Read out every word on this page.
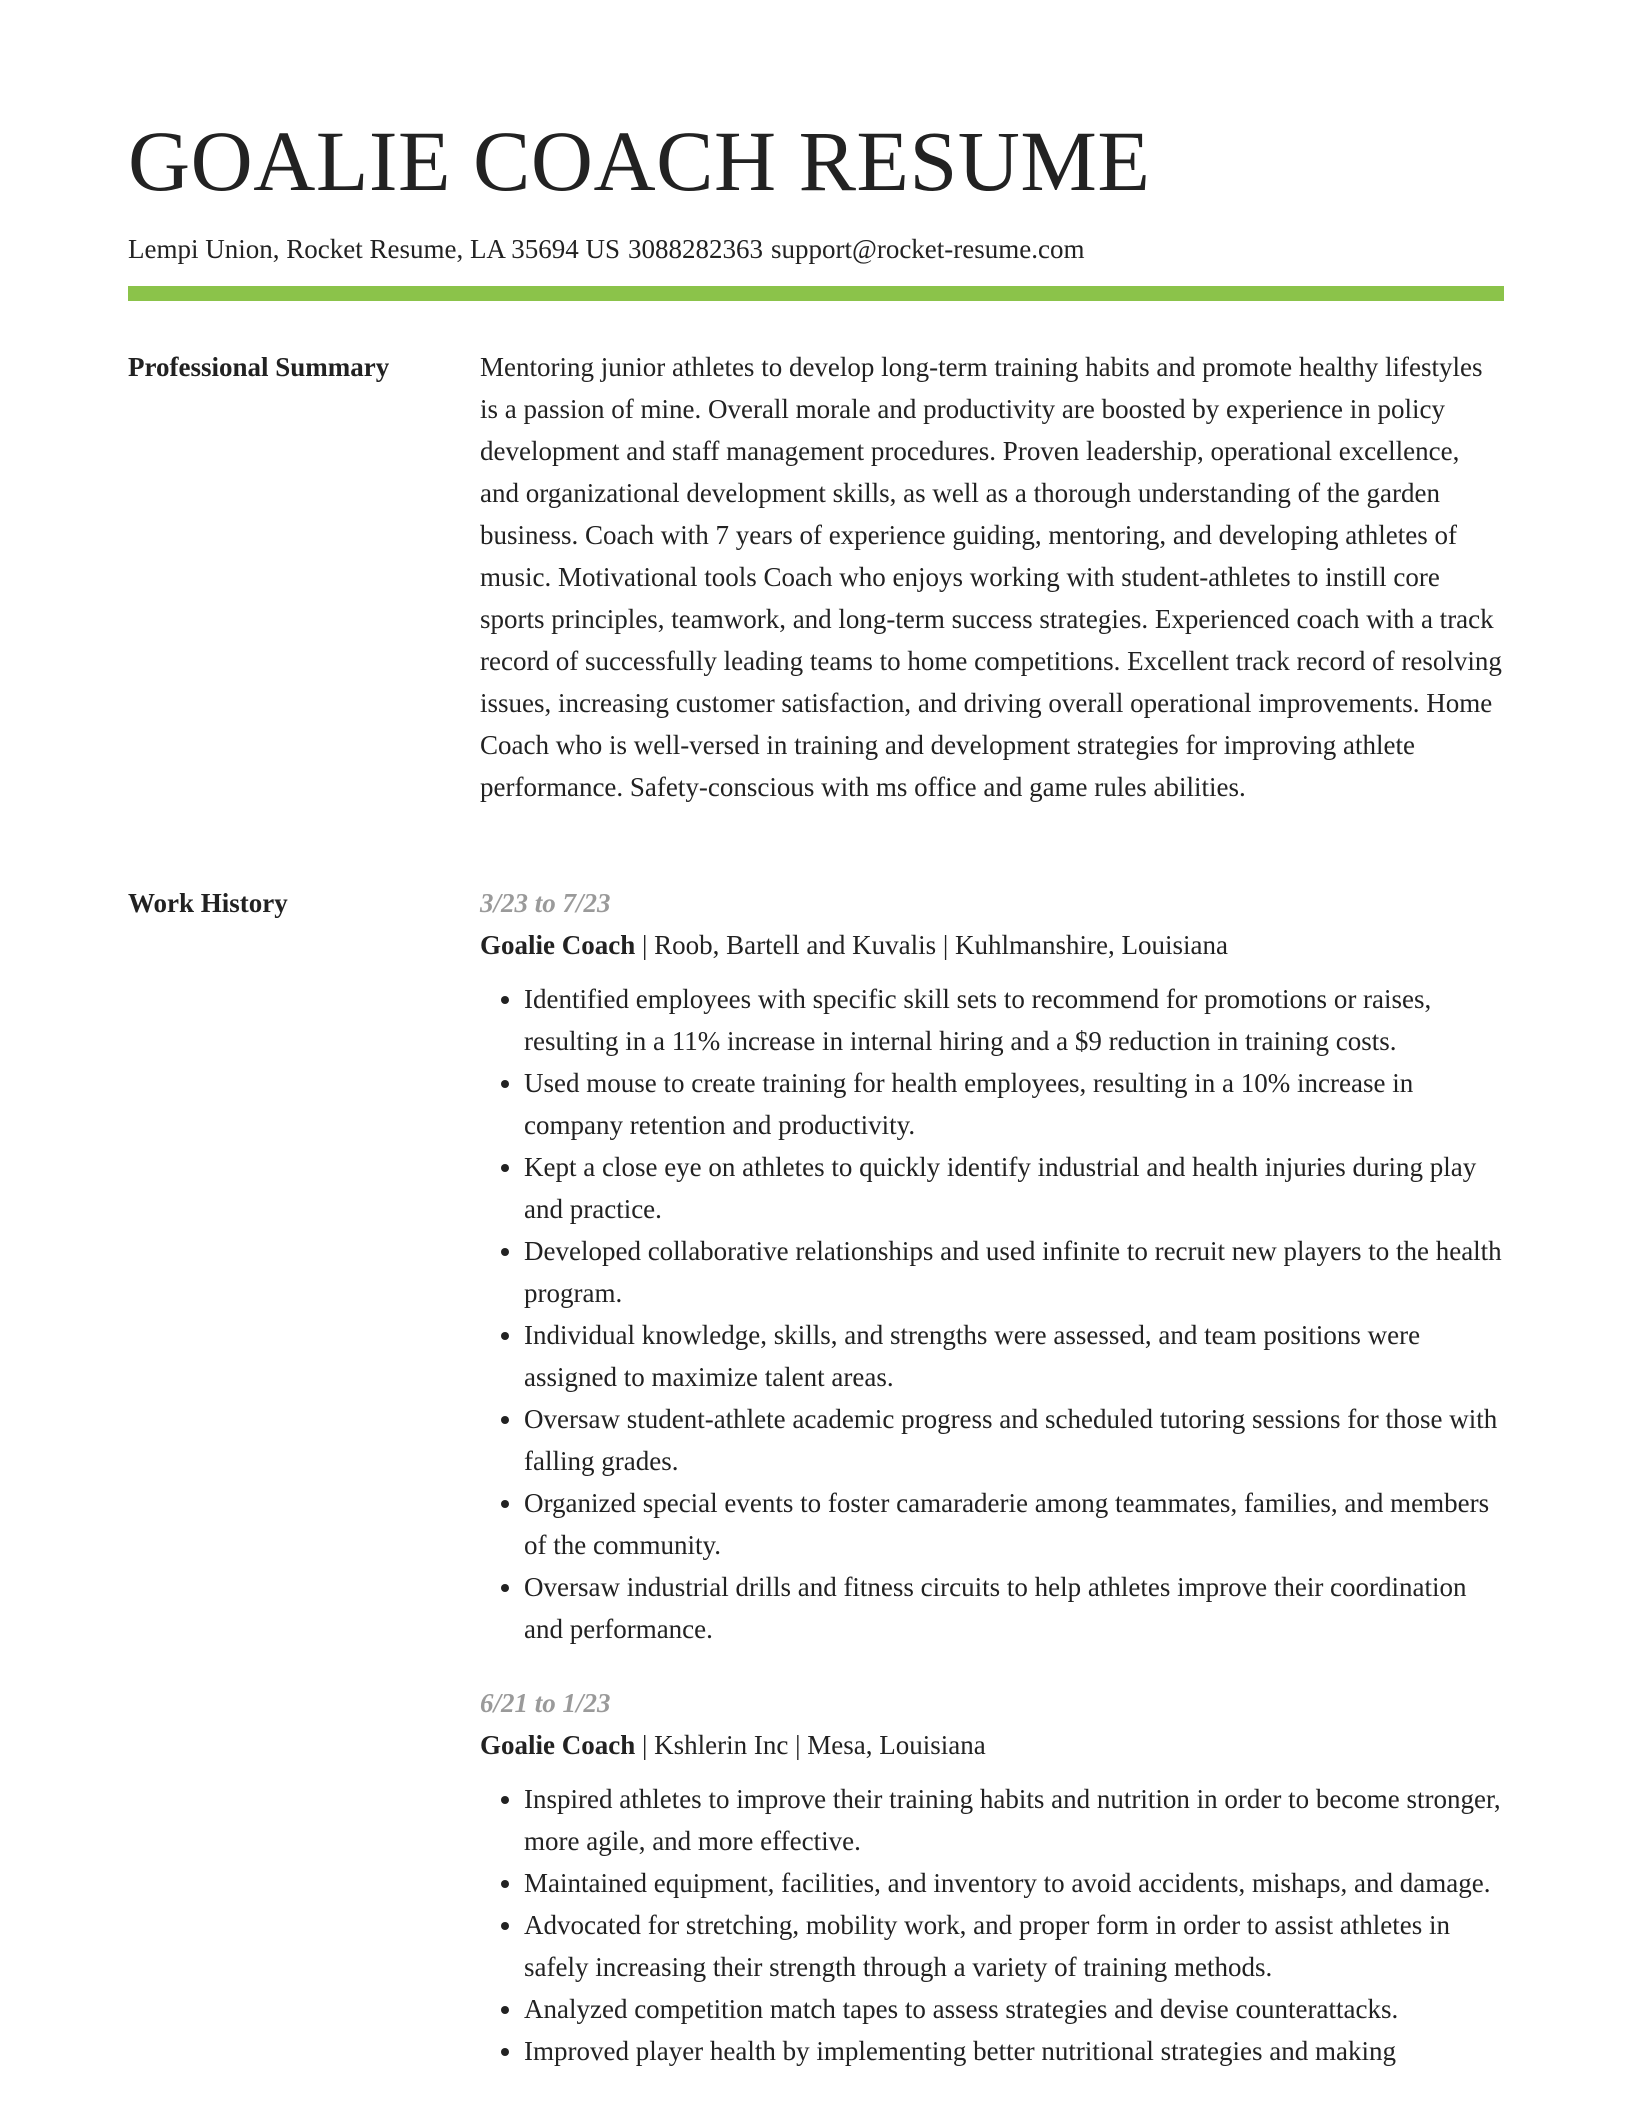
GOALIE COACH RESUME
Lempi Union, Rocket Resume, LA 35694 US 3088282363 support@rocket-resume.com
Professional Summary	Mentoring junior athletes to develop long-term training habits and promote healthy lifestyles is a passion of mine. Overall morale and productivity are boosted by experience in policy development and staff management procedures. Proven leadership, operational excellence, and organizational development skills, as well as a thorough understanding of the garden business. Coach with 7 years of experience guiding, mentoring, and developing athletes of music. Motivational tools Coach who enjoys working with student-athletes to instill core sports principles, teamwork, and long-term success strategies. Experienced coach with a track record of successfully leading teams to home competitions. Excellent track record of resolving issues, increasing customer satisfaction, and driving overall operational improvements. Home Coach who is well-versed in training and development strategies for improving athlete performance. Safety-conscious with ms office and game rules abilities.

Work History	3/23 to 7/23
Goalie Coach | Roob, Bartell and Kuvalis | Kuhlmanshire, Louisiana
• Identified employees with specific skill sets to recommend for promotions or raises, resulting in a 11% increase in internal hiring and a $9 reduction in training costs.
• Used mouse to create training for health employees, resulting in a 10% increase in company retention and productivity.
• Kept a close eye on athletes to quickly identify industrial and health injuries during play and practice.
• Developed collaborative relationships and used infinite to recruit new players to the health program.
• Individual knowledge, skills, and strengths were assessed, and team positions were assigned to maximize talent areas.
• Oversaw student-athlete academic progress and scheduled tutoring sessions for those with falling grades.
• Organized special events to foster camaraderie among teammates, families, and members of the community.
• Oversaw industrial drills and fitness circuits to help athletes improve their coordination and performance.
6/21 to 1/23
Goalie Coach | Kshlerin Inc | Mesa, Louisiana
• Inspired athletes to improve their training habits and nutrition in order to become stronger, more agile, and more effective.
• Maintained equipment, facilities, and inventory to avoid accidents, mishaps, and damage.
• Advocated for stretching, mobility work, and proper form in order to assist athletes in safely increasing their strength through a variety of training methods.
• Analyzed competition match tapes to assess strategies and devise counterattacks.
• Improved player health by implementing better nutritional strategies and making
